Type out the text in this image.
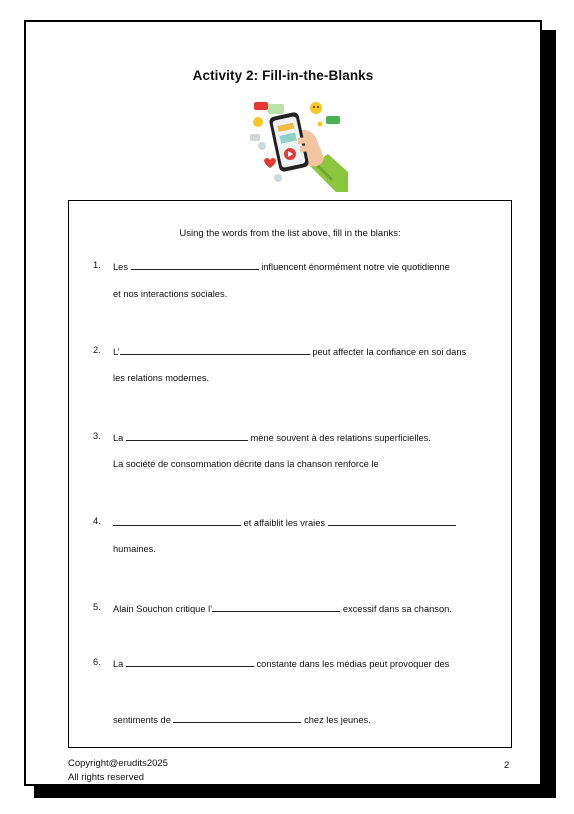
Activity 2: Fill-in-the-Blanks
Using the words from the list above, fill in the blanks:
1. Les	influencent énormément notre vie quotidienne
et nos interactions sociales.
2. L’	peut affecter la confiance en soi dans
les relations modernes.
3. La	mène souvent à des relations superficielles.
La société de consommation décrite dans la chanson renforce le
4.	et affaiblit les vraies
humaines.
5. Alain Souchon critique l’	excessif dans sa chanson.
6. La	constante dans les médias peut provoquer des
sentiments de	chez les jeunes.
Copyright@erudits2025
All rights reserved
2
